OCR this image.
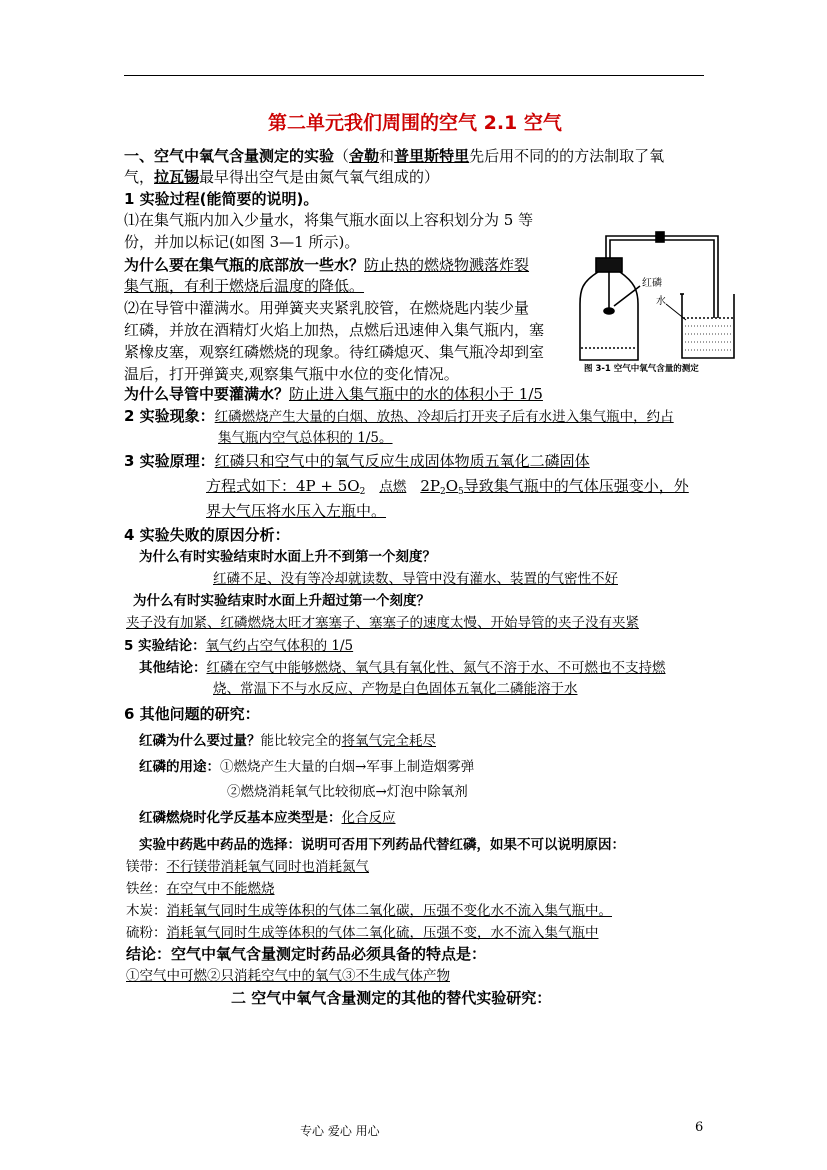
第二单元我们周围的空气 2.1 空气
一、空气中氧气含量测定的实验（舍勒和普里斯特里先后用不同的的方法制取了氧
气，拉瓦锡最早得出空气是由氮气氧气组成的）
1 实验过程(能简要的说明)。
⑴在集气瓶内加入少量水，将集气瓶水面以上容积划分为 5 等
份，并加以标记(如图 3—1 所示)。
为什么要在集气瓶的底部放一些水？防止热的燃烧物溅落炸裂
集气瓶，有利于燃烧后温度的降低。
⑵在导管中灌满水。用弹簧夹夹紧乳胶管，在燃烧匙内装少量
红磷，并放在酒精灯火焰上加热，点燃后迅速伸入集气瓶内，塞
紧橡皮塞，观察红磷燃烧的现象。待红磷熄灭、集气瓶冷却到室
温后，打开弹簧夹,观察集气瓶中水位的变化情况。
为什么导管中要灌满水？防止进入集气瓶中的水的体积小于 1/5
红磷
水
图 3-1 空气中氧气含量的测定
2 实验现象：红磷燃烧产生大量的白烟、放热、冷却后打开夹子后有水进入集气瓶中，约占
集气瓶内空气总体积的 1/5。
3 实验原理：红磷只和空气中的氧气反应生成固体物质五氧化二磷固体
方程式如下：$4P + 5O_2$ 点燃 $2P_2O_5$导致集气瓶中的气体压强变小，外
界大气压将水压入左瓶中。
4 实验失败的原因分析：
为什么有时实验结束时水面上升不到第一个刻度？
红磷不足、没有等冷却就读数、导管中没有灌水、装置的气密性不好
为什么有时实验结束时水面上升超过第一个刻度？
夹子没有加紧、红磷燃烧太旺才塞塞子、塞塞子的速度太慢、开始导管的夹子没有夹紧
5 实验结论：氧气约占空气体积的 1/5
其他结论：红磷在空气中能够燃烧、氧气具有氧化性、氮气不溶于水、不可燃也不支持燃
烧、常温下不与水反应、产物是白色固体五氧化二磷能溶于水
6 其他问题的研究：
红磷为什么要过量？能比较完全的将氧气完全耗尽
红磷的用途：①燃烧产生大量的白烟→军事上制造烟雾弹
②燃烧消耗氧气比较彻底→灯泡中除氧剂
红磷燃烧时化学反基本应类型是：化合反应
实验中药匙中药品的选择：说明可否用下列药品代替红磷，如果不可以说明原因：
镁带：不行镁带消耗氧气同时也消耗氮气
铁丝：在空气中不能燃烧
木炭：消耗氧气同时生成等体积的气体二氧化碳，压强不变化水不流入集气瓶中。
硫粉：消耗氧气同时生成等体积的气体二氧化硫，压强不变，水不流入集气瓶中
结论：空气中氧气含量测定时药品必须具备的特点是：
①空气中可燃②只消耗空气中的氧气③不生成气体产物
二 空气中氧气含量测定的其他的替代实验研究：
专心 爱心 用心	6
